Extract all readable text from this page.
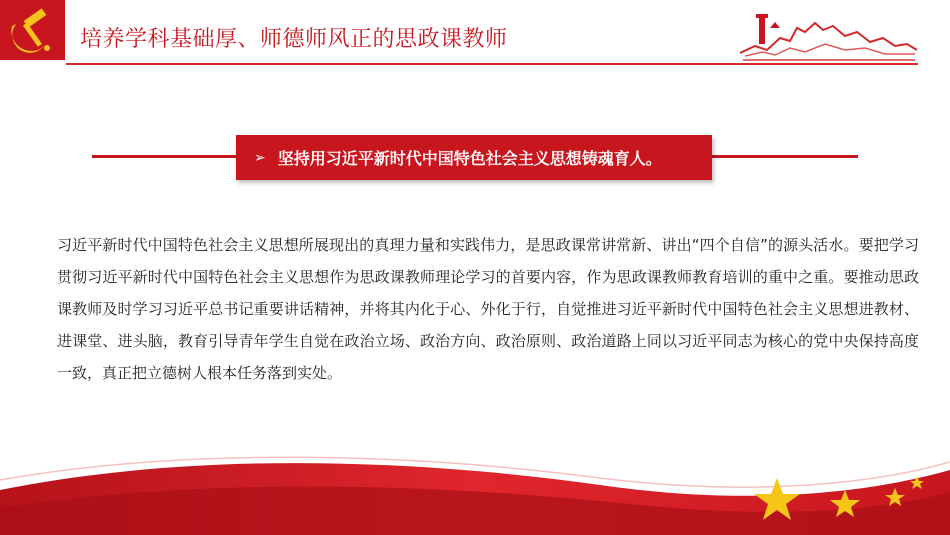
培养学科基础厚、师德师风正的思政课教师
➢ 坚持用习近平新时代中国特色社会主义思想铸魂育人。
习近平新时代中国特色社会主义思想所展现出的真理力量和实践伟力，是思政课常讲常新、讲出“四个自信”的源头活水。要把学习贯彻习近平新时代中国特色社会主义思想作为思政课教师理论学习的首要内容，作为思政课教师教育培训的重中之重。要推动思政课教师及时学习习近平总书记重要讲话精神，并将其内化于心、外化于行，自觉推进习近平新时代中国特色社会主义思想进教材、进课堂、进头脑，教育引导青年学生自觉在政治立场、政治方向、政治原则、政治道路上同以习近平同志为核心的党中央保持高度一致，真正把立德树人根本任务落到实处。
